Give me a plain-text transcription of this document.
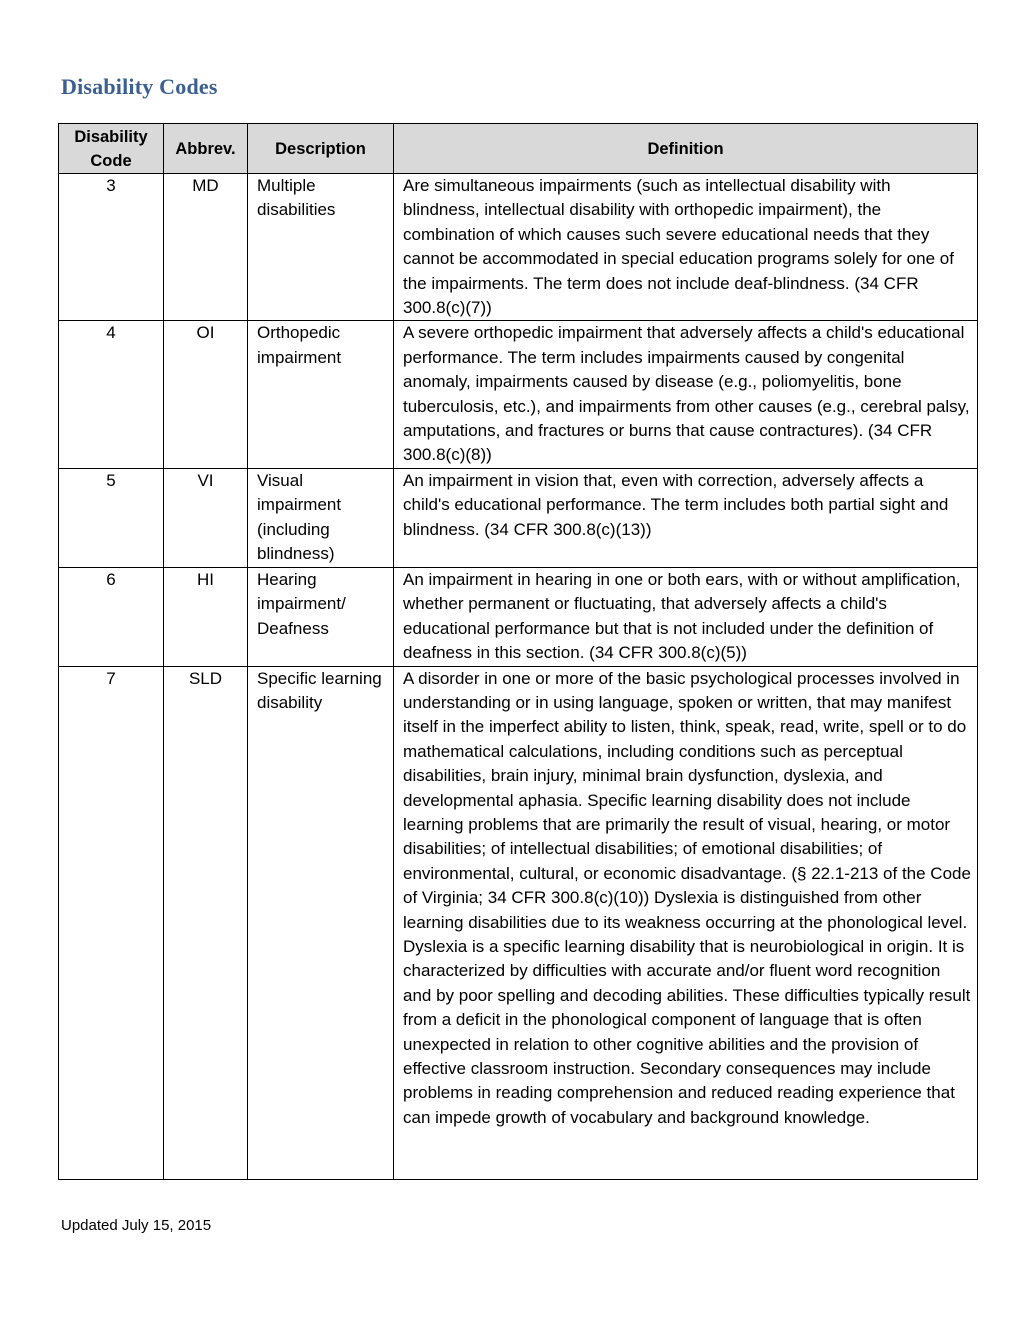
Disability Codes
Disability Code	Abbrev.	Description	Definition
3	MD	Multiple disabilities	Are simultaneous impairments (such as intellectual disability with blindness, intellectual disability with orthopedic impairment), the combination of which causes such severe educational needs that they cannot be accommodated in special education programs solely for one of the impairments. The term does not include deaf-blindness. (34 CFR 300.8(c)(7))
4	OI	Orthopedic impairment	A severe orthopedic impairment that adversely affects a child's educational performance. The term includes impairments caused by congenital anomaly, impairments caused by disease (e.g., poliomyelitis, bone tuberculosis, etc.), and impairments from other causes (e.g., cerebral palsy, amputations, and fractures or burns that cause contractures). (34 CFR 300.8(c)(8))
5	VI	Visual impairment (including blindness)	An impairment in vision that, even with correction, adversely affects a child's educational performance. The term includes both partial sight and blindness. (34 CFR 300.8(c)(13))
6	HI	Hearing impairment/ Deafness	An impairment in hearing in one or both ears, with or without amplification, whether permanent or fluctuating, that adversely affects a child's educational performance but that is not included under the definition of deafness in this section. (34 CFR 300.8(c)(5))
7	SLD	Specific learning disability	A disorder in one or more of the basic psychological processes involved in understanding or in using language, spoken or written, that may manifest itself in the imperfect ability to listen, think, speak, read, write, spell or to do mathematical calculations, including conditions such as perceptual disabilities, brain injury, minimal brain dysfunction, dyslexia, and developmental aphasia. Specific learning disability does not include learning problems that are primarily the result of visual, hearing, or motor disabilities; of intellectual disabilities; of emotional disabilities; of environmental, cultural, or economic disadvantage. (§ 22.1-213 of the Code of Virginia; 34 CFR 300.8(c)(10)) Dyslexia is distinguished from other learning disabilities due to its weakness occurring at the phonological level. Dyslexia is a specific learning disability that is neurobiological in origin. It is characterized by difficulties with accurate and/or fluent word recognition and by poor spelling and decoding abilities. These difficulties typically result from a deficit in the phonological component of language that is often unexpected in relation to other cognitive abilities and the provision of effective classroom instruction. Secondary consequences may include problems in reading comprehension and reduced reading experience that can impede growth of vocabulary and background knowledge.
Updated July 15, 2015
